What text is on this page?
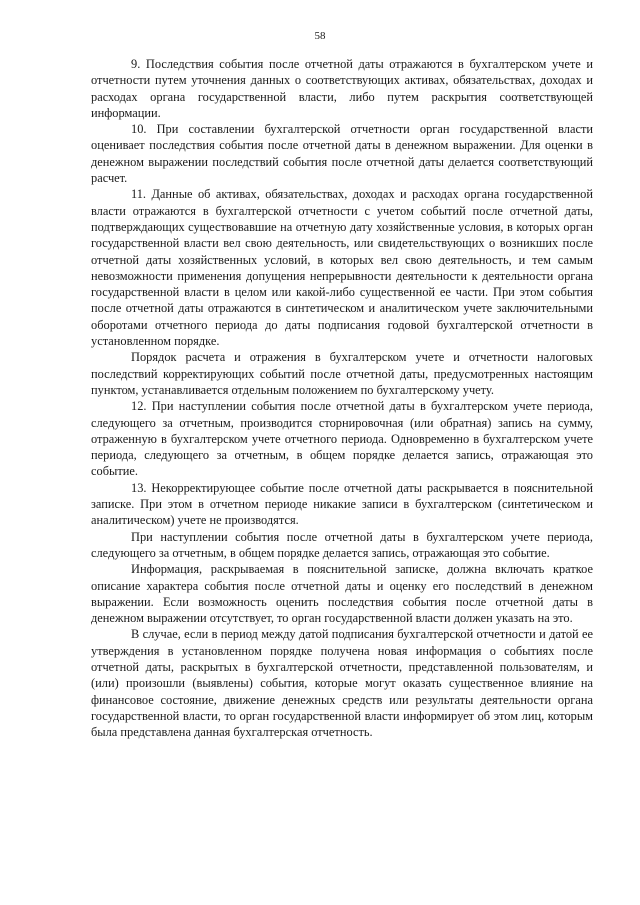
58

9. Последствия события после отчетной даты отражаются в бухгалтерском учете и отчетности путем уточнения данных о соответствующих активах, обязательствах, доходах и расходах органа государственной власти, либо путем раскрытия соответствующей информации.

10. При составлении бухгалтерской отчетности орган государственной власти оценивает последствия события после отчетной даты в денежном выражении. Для оценки в денежном выражении последствий события после отчетной даты делается соответствующий расчет.

11. Данные об активах, обязательствах, доходах и расходах органа государственной власти отражаются в бухгалтерской отчетности с учетом событий после отчетной даты, подтверждающих существовавшие на отчетную дату хозяйственные условия, в которых орган государственной власти вел свою деятельность, или свидетельствующих о возникших после отчетной даты хозяйственных условий, в которых вел свою деятельность, и тем самым невозможности применения допущения непрерывности деятельности к деятельности органа государственной власти в целом или какой-либо существенной ее части. При этом события после отчетной даты отражаются в синтетическом и аналитическом учете заключительными оборотами отчетного периода до даты подписания годовой бухгалтерской отчетности в установленном порядке.

Порядок расчета и отражения в бухгалтерском учете и отчетности налоговых последствий корректирующих событий после отчетной даты, предусмотренных настоящим пунктом, устанавливается отдельным положением по бухгалтерскому учету.

12. При наступлении события после отчетной даты в бухгалтерском учете периода, следующего за отчетным, производится сторнировочная (или обратная) запись на сумму, отраженную в бухгалтерском учете отчетного периода. Одновременно в бухгалтерском учете периода, следующего за отчетным, в общем порядке делается запись, отражающая это событие.

13. Некорректирующее событие после отчетной даты раскрывается в пояснительной записке. При этом в отчетном периоде никакие записи в бухгалтерском (синтетическом и аналитическом) учете не производятся.

При наступлении события после отчетной даты в бухгалтерском учете периода, следующего за отчетным, в общем порядке делается запись, отражающая это событие.

Информация, раскрываемая в пояснительной записке, должна включать краткое описание характера события после отчетной даты и оценку его последствий в денежном выражении. Если возможность оценить последствия события после отчетной даты в денежном выражении отсутствует, то орган государственной власти должен указать на это.

В случае, если в период между датой подписания бухгалтерской отчетности и датой ее утверждения в установленном порядке получена новая информация о событиях после отчетной даты, раскрытых в бухгалтерской отчетности, представленной пользователям, и (или) произошли (выявлены) события, которые могут оказать существенное влияние на финансовое состояние, движение денежных средств или результаты деятельности органа государственной власти, то орган государственной власти информирует об этом лиц, которым была представлена данная бухгалтерская отчетность.
